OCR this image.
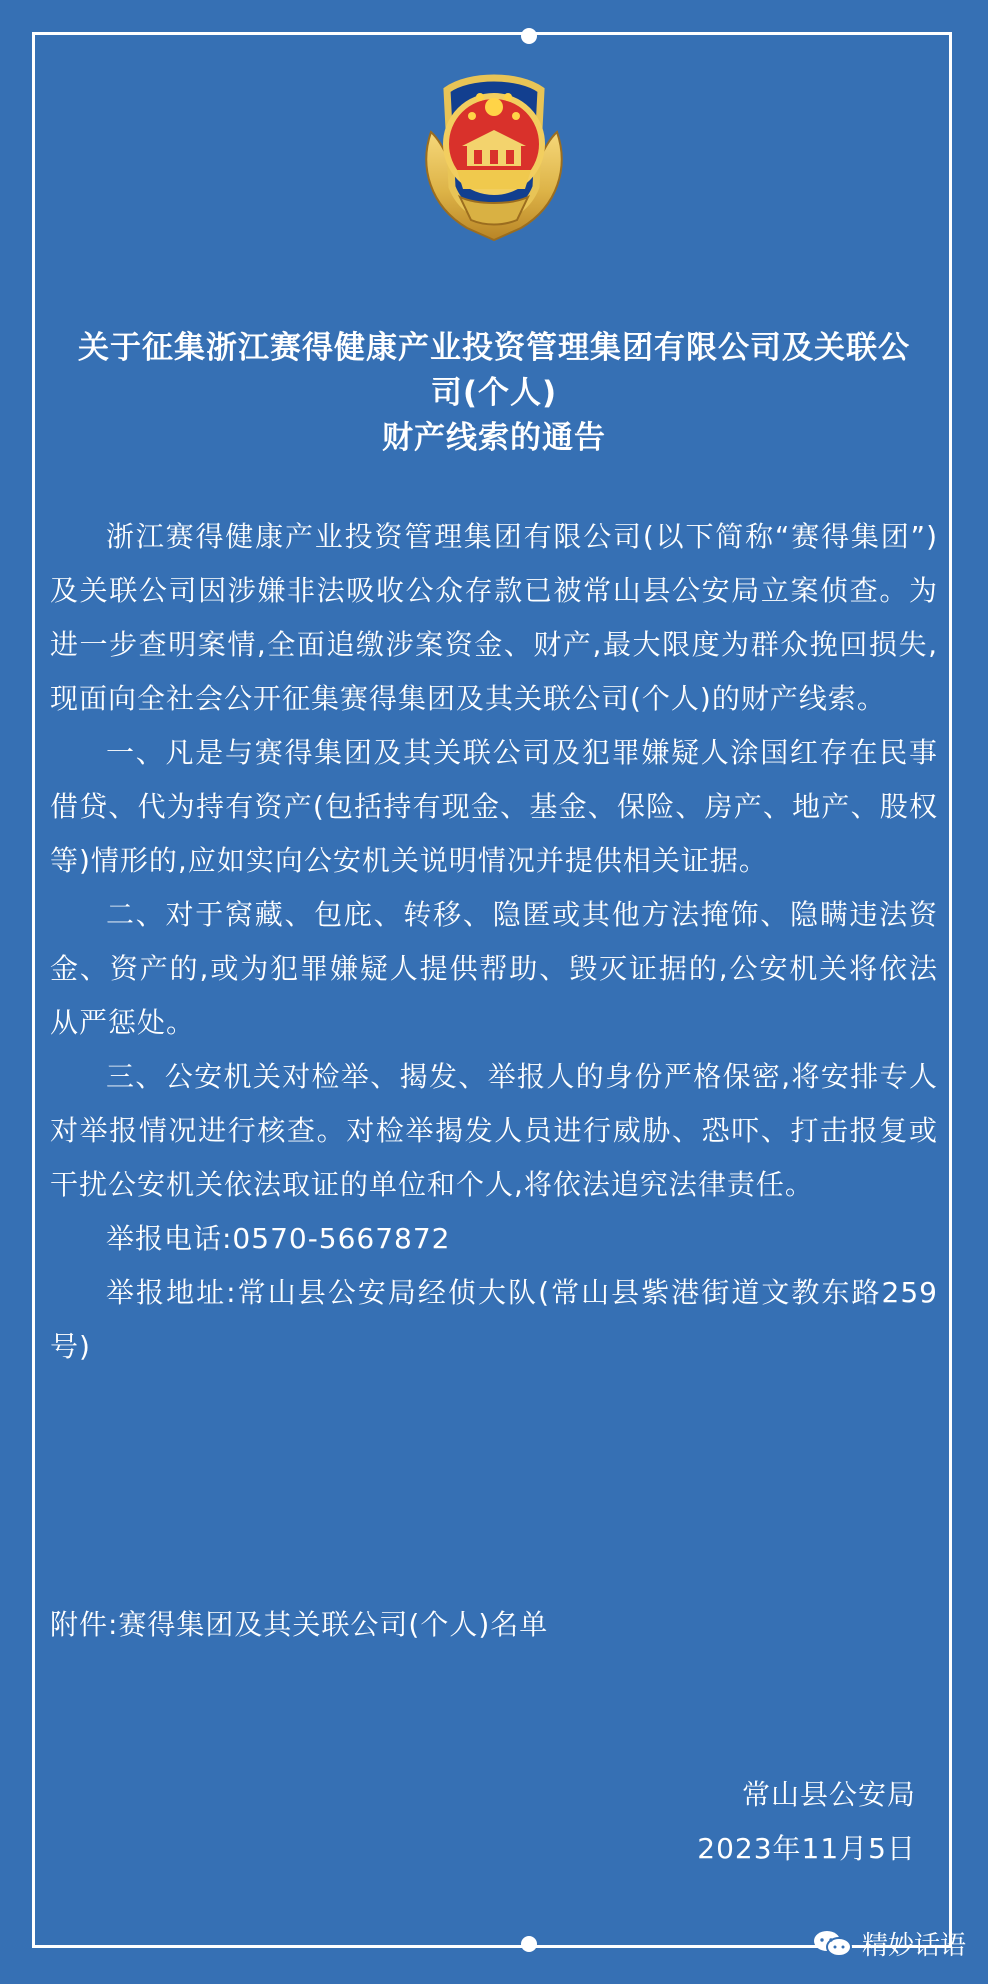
关于征集浙江赛得健康产业投资管理集团有限公司及关联公
司(个人)
财产线索的通告

浙江赛得健康产业投资管理集团有限公司(以下简称“赛得集团”)及关联公司因涉嫌非法吸收公众存款已被常山县公安局立案侦查。为进一步查明案情,全面追缴涉案资金、财产,最大限度为群众挽回损失,现面向全社会公开征集赛得集团及其关联公司(个人)的财产线索。

一、凡是与赛得集团及其关联公司及犯罪嫌疑人涂国红存在民事借贷、代为持有资产(包括持有现金、基金、保险、房产、地产、股权等)情形的,应如实向公安机关说明情况并提供相关证据。

二、对于窝藏、包庇、转移、隐匿或其他方法掩饰、隐瞒违法资金、资产的,或为犯罪嫌疑人提供帮助、毁灭证据的,公安机关将依法从严惩处。

三、公安机关对检举、揭发、举报人的身份严格保密,将安排专人对举报情况进行核查。对检举揭发人员进行威胁、恐吓、打击报复或干扰公安机关依法取证的单位和个人,将依法追究法律责任。

举报电话:0570-5667872

举报地址:常山县公安局经侦大队(常山县紫港街道文教东路259号)

附件:赛得集团及其关联公司(个人)名单
常山县公安局
2023年11月5日
精妙话语
